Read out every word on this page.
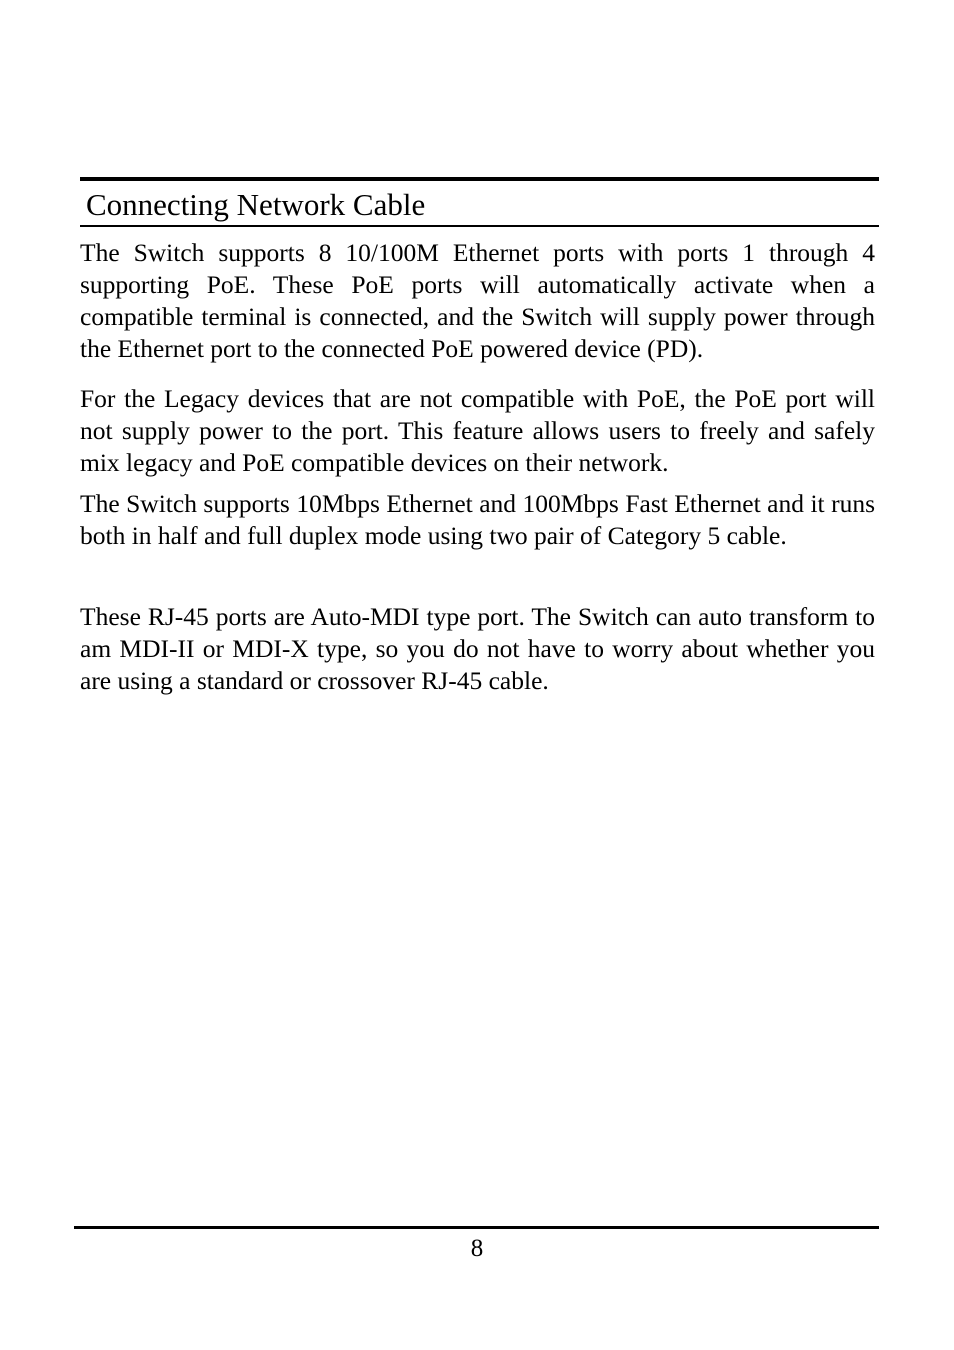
Connecting Network Cable

The Switch supports 8 10/100M Ethernet ports with ports 1 through 4 supporting PoE. These PoE ports will automatically activate when a compatible terminal is connected, and the Switch will supply power through the Ethernet port to the connected PoE powered device (PD).

For the Legacy devices that are not compatible with PoE, the PoE port will not supply power to the port. This feature allows users to freely and safely mix legacy and PoE compatible devices on their network.

The Switch supports 10Mbps Ethernet and 100Mbps Fast Ethernet and it runs both in half and full duplex mode using two pair of Category 5 cable.

These RJ-45 ports are Auto-MDI type port. The Switch can auto transform to am MDI-II or MDI-X type, so you do not have to worry about whether you are using a standard or crossover RJ-45 cable.

8
